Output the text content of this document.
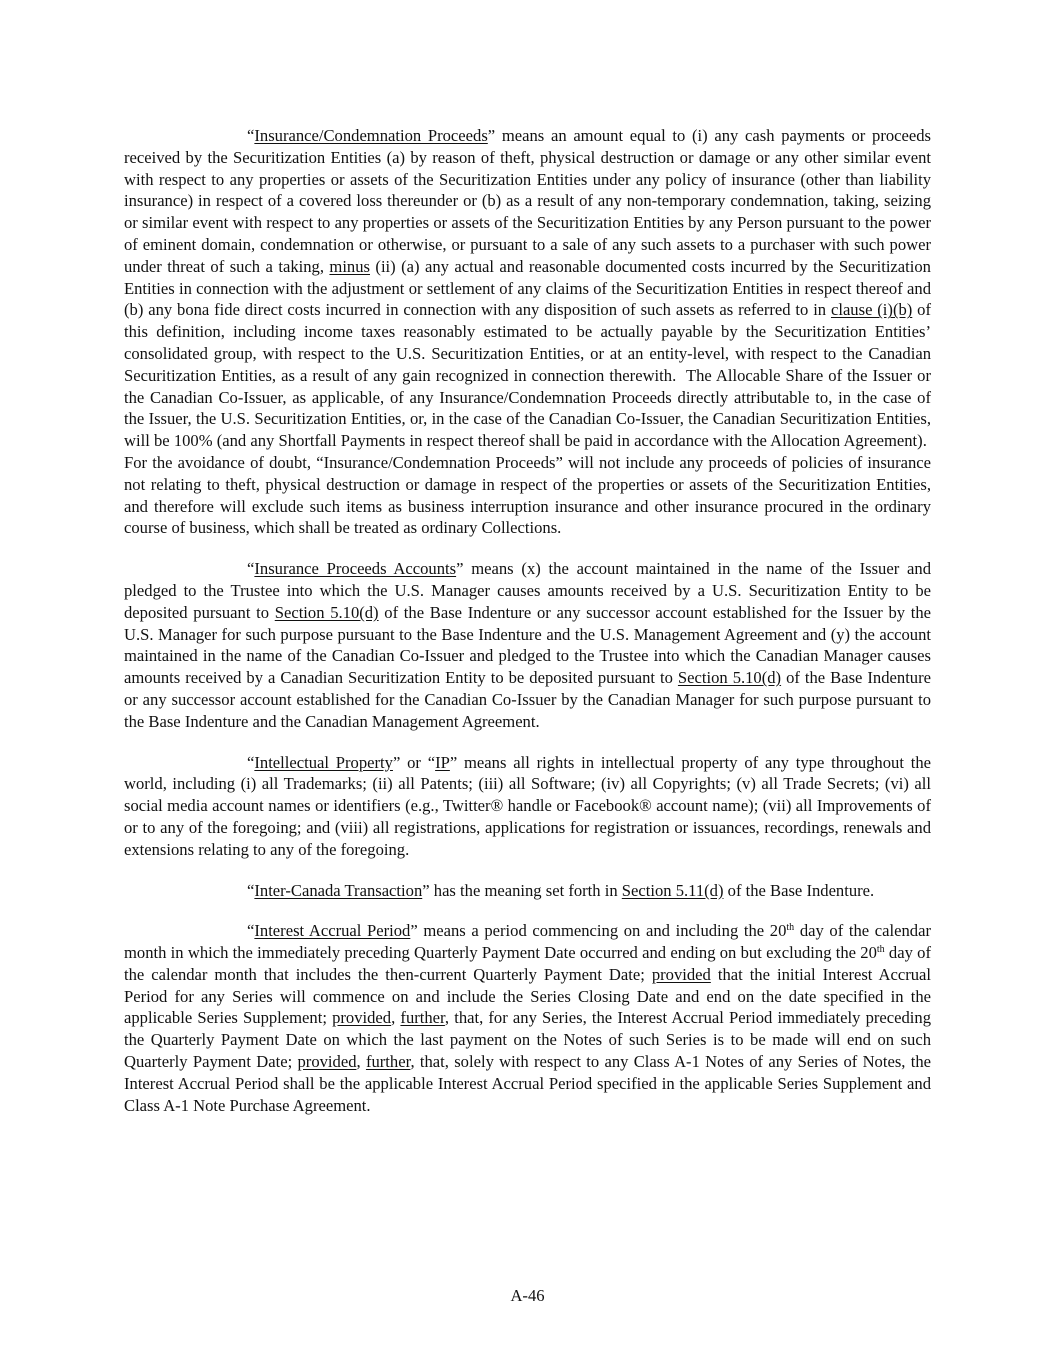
“Insurance/Condemnation Proceeds” means an amount equal to (i) any cash payments or proceeds received by the Securitization Entities (a) by reason of theft, physical destruction or damage or any other similar event with respect to any properties or assets of the Securitization Entities under any policy of insurance (other than liability insurance) in respect of a covered loss thereunder or (b) as a result of any non-temporary condemnation, taking, seizing or similar event with respect to any properties or assets of the Securitization Entities by any Person pursuant to the power of eminent domain, condemnation or otherwise, or pursuant to a sale of any such assets to a purchaser with such power under threat of such a taking, minus (ii) (a) any actual and reasonable documented costs incurred by the Securitization Entities in connection with the adjustment or settlement of any claims of the Securitization Entities in respect thereof and (b) any bona fide direct costs incurred in connection with any disposition of such assets as referred to in clause (i)(b) of this definition, including income taxes reasonably estimated to be actually payable by the Securitization Entities’ consolidated group, with respect to the U.S. Securitization Entities, or at an entity-level, with respect to the Canadian Securitization Entities, as a result of any gain recognized in connection therewith.  The Allocable Share of the Issuer or the Canadian Co-Issuer, as applicable, of any Insurance/Condemnation Proceeds directly attributable to, in the case of the Issuer, the U.S. Securitization Entities, or, in the case of the Canadian Co-Issuer, the Canadian Securitization Entities, will be 100% (and any Shortfall Payments in respect thereof shall be paid in accordance with the Allocation Agreement).  For the avoidance of doubt, “Insurance/Condemnation Proceeds” will not include any proceeds of policies of insurance not relating to theft, physical destruction or damage in respect of the properties or assets of the Securitization Entities, and therefore will exclude such items as business interruption insurance and other insurance procured in the ordinary course of business, which shall be treated as ordinary Collections.

“Insurance Proceeds Accounts” means (x) the account maintained in the name of the Issuer and pledged to the Trustee into which the U.S. Manager causes amounts received by a U.S. Securitization Entity to be deposited pursuant to Section 5.10(d) of the Base Indenture or any successor account established for the Issuer by the U.S. Manager for such purpose pursuant to the Base Indenture and the U.S. Management Agreement and (y) the account maintained in the name of the Canadian Co-Issuer and pledged to the Trustee into which the Canadian Manager causes amounts received by a Canadian Securitization Entity to be deposited pursuant to Section 5.10(d) of the Base Indenture or any successor account established for the Canadian Co-Issuer by the Canadian Manager for such purpose pursuant to the Base Indenture and the Canadian Management Agreement.

“Intellectual Property” or “IP” means all rights in intellectual property of any type throughout the world, including (i) all Trademarks; (ii) all Patents; (iii) all Software; (iv) all Copyrights; (v) all Trade Secrets; (vi) all social media account names or identifiers (e.g., Twitter® handle or Facebook® account name); (vii) all Improvements of or to any of the foregoing; and (viii) all registrations, applications for registration or issuances, recordings, renewals and extensions relating to any of the foregoing.

“Inter-Canada Transaction” has the meaning set forth in Section 5.11(d) of the Base Indenture.

“Interest Accrual Period” means a period commencing on and including the 20th day of the calendar month in which the immediately preceding Quarterly Payment Date occurred and ending on but excluding the 20th day of the calendar month that includes the then-current Quarterly Payment Date; provided that the initial Interest Accrual Period for any Series will commence on and include the Series Closing Date and end on the date specified in the applicable Series Supplement; provided, further, that, for any Series, the Interest Accrual Period immediately preceding the Quarterly Payment Date on which the last payment on the Notes of such Series is to be made will end on such Quarterly Payment Date; provided, further, that, solely with respect to any Class A-1 Notes of any Series of Notes, the Interest Accrual Period shall be the applicable Interest Accrual Period specified in the applicable Series Supplement and Class A-1 Note Purchase Agreement.

A-46
